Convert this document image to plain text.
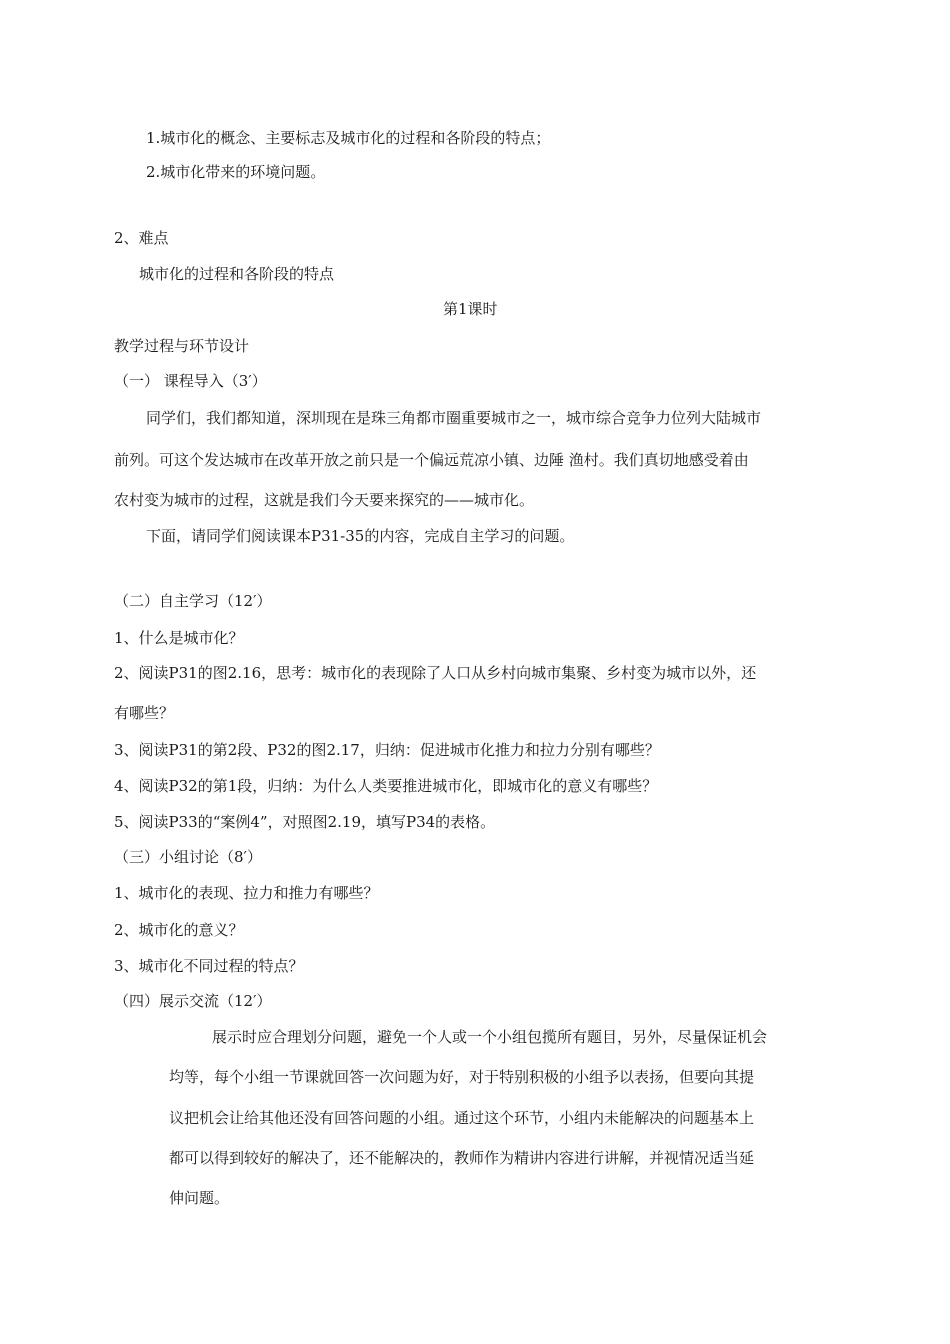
1.城市化的概念、主要标志及城市化的过程和各阶段的特点；
2.城市化带来的环境问题。
2、难点
城市化的过程和各阶段的特点
第1课时
教学过程与环节设计
（一） 课程导入（3′）
同学们，我们都知道，深圳现在是珠三角都市圈重要城市之一，城市综合竞争力位列大陆城市
前列。可这个发达城市在改革开放之前只是一个偏远荒凉小镇、边陲 渔村。我们真切地感受着由
农村变为城市的过程，这就是我们今天要来探究的——城市化。
下面，请同学们阅读课本P31-35的内容，完成自主学习的问题。
（二）自主学习（12′）
1、什么是城市化？
2、阅读P31的图2.16，思考：城市化的表现除了人口从乡村向城市集聚、乡村变为城市以外，还
有哪些？
3、阅读P31的第2段、P32的图2.17，归纳：促进城市化推力和拉力分别有哪些？
4、阅读P32的第1段，归纳：为什么人类要推进城市化，即城市化的意义有哪些？
5、阅读P33的“案例4”，对照图2.19，填写P34的表格。
（三）小组讨论（8′）
1、城市化的表现、拉力和推力有哪些？
2、城市化的意义？
3、城市化不同过程的特点？
（四）展示交流（12′）
展示时应合理划分问题，避免一个人或一个小组包揽所有题目，另外，尽量保证机会
均等，每个小组一节课就回答一次问题为好，对于特别积极的小组予以表扬，但要向其提
议把机会让给其他还没有回答问题的小组。通过这个环节，小组内未能解决的问题基本上
都可以得到较好的解决了，还不能解决的，教师作为精讲内容进行讲解，并视情况适当延
伸问题。
